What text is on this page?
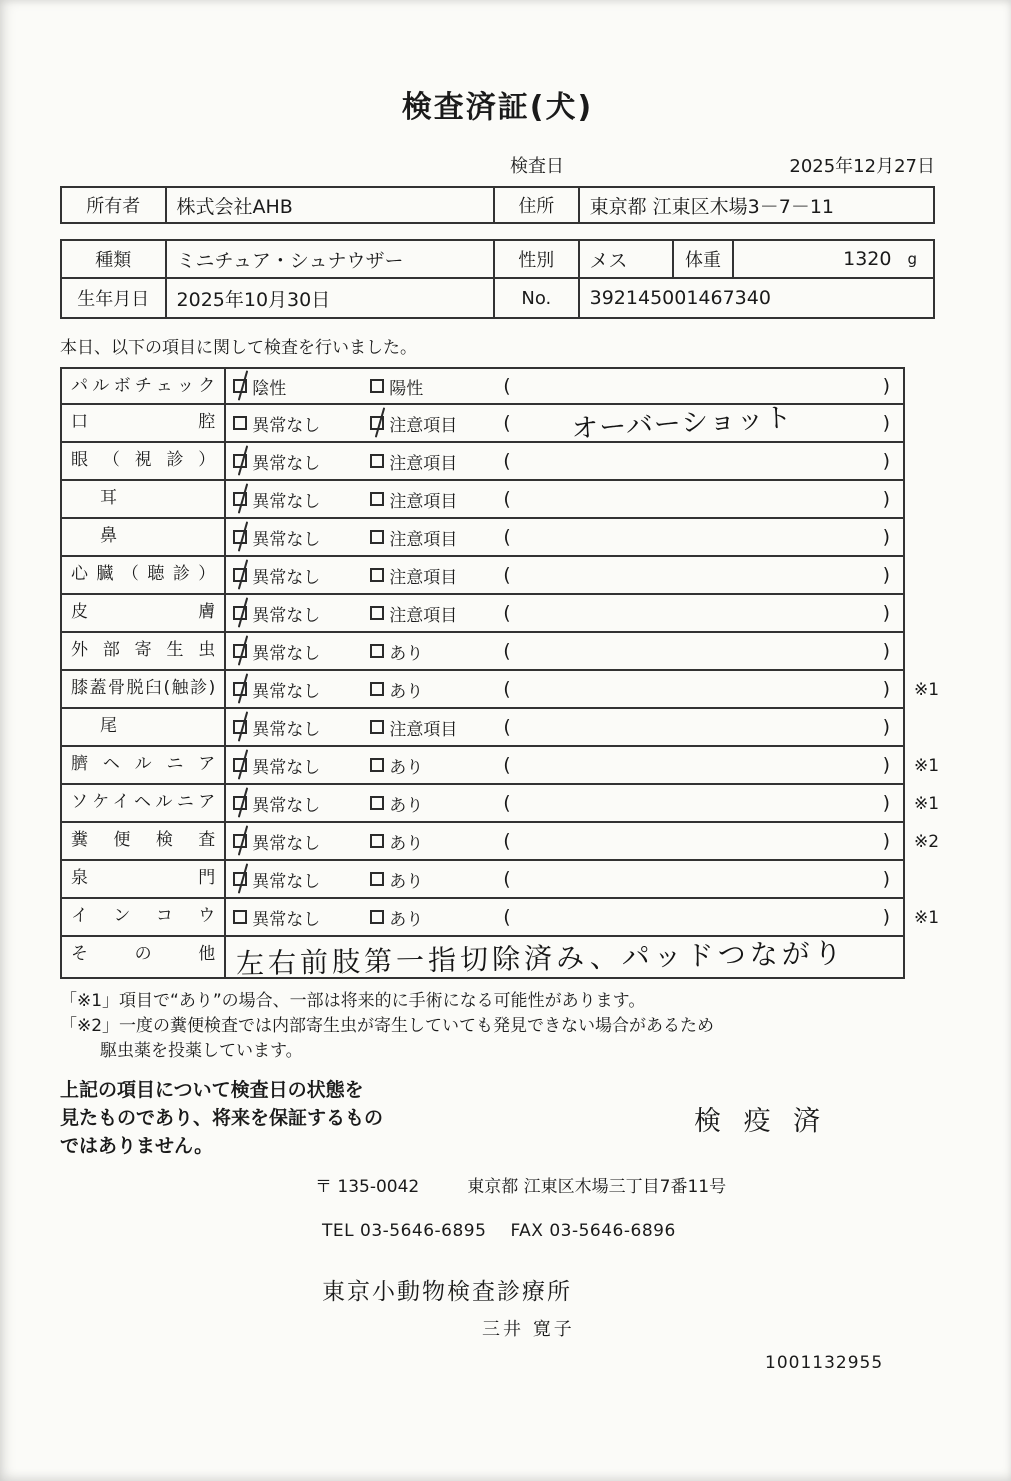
検査済証(犬)
検査日	2025年12月27日
所有者	株式会社AHB	住所	東京都 江東区木場3－7－11
種類	ミニチュア・シュナウザー	性別	メス	体重	1320 g
生年月日	2025年10月30日	No.	392145001467340

本日、以下の項目に関して検査を行いました。

パルボチェック	陰性	陽性	(	)
口腔	異常なし	注意項目 ( オーバーショット	)
眼（視診）	異常なし	注意項目 (	)
耳	異常なし	注意項目 (	)
鼻	異常なし	注意項目 (	)
心臓（聴診）	異常なし	注意項目 (	)
皮膚	異常なし	注意項目 (	)
外部寄生虫	異常なし	あり	(	)
膝蓋骨脱臼(触診)	異常なし	あり	(	)	※1
尾	異常なし	注意項目 (	)
臍ヘルニア	異常なし	あり	(	)	※1
ソケイヘルニア	異常なし	あり	(	)	※1
糞便検査	異常なし	あり	(	)	※2
泉門	異常なし	あり	(	)
インコウ	異常なし	あり	(	)	※1
その他 左右前肢第一指切除済み、パッドつながり

「※1」項目で“あり”の場合、一部は将来的に手術になる可能性があります。

「※2」一度の糞便検査では内部寄生虫が寄生していても発見できない場合があるため

駆虫薬を投薬しています。

上記の項目について検査日の状態を

見たものであり、将来を保証するもの

ではありません。

検 疫 済
〒 135-0042	東京都 江東区木場三丁目7番11号

TEL 03-5646-6895 FAX 03-5646-6896

東京小動物検査診療所

三井 寛子

1001132955
